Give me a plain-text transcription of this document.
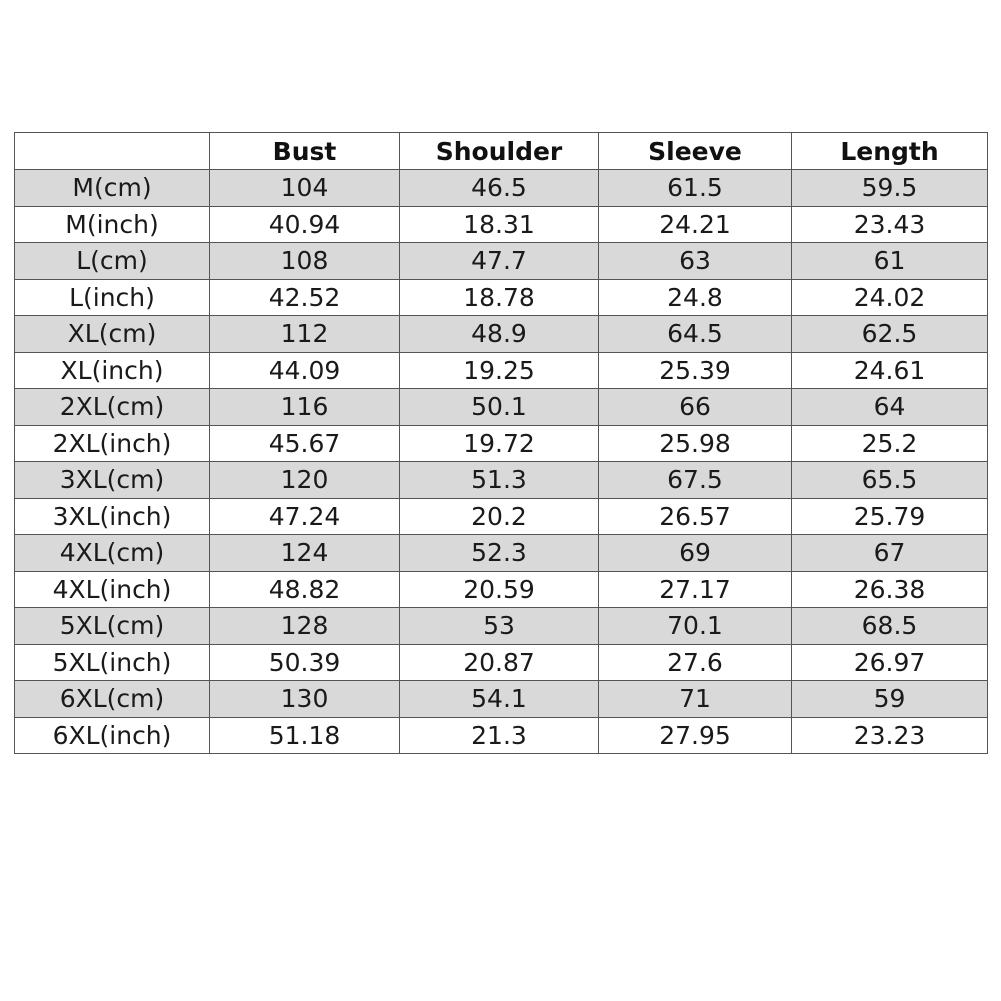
	Bust	Shoulder	Sleeve	Length
M(cm)	104	46.5	61.5	59.5
M(inch)	40.94	18.31	24.21	23.43
L(cm)	108	47.7	63	61
L(inch)	42.52	18.78	24.8	24.02
XL(cm)	112	48.9	64.5	62.5
XL(inch)	44.09	19.25	25.39	24.61
2XL(cm)	116	50.1	66	64
2XL(inch)	45.67	19.72	25.98	25.2
3XL(cm)	120	51.3	67.5	65.5
3XL(inch)	47.24	20.2	26.57	25.79
4XL(cm)	124	52.3	69	67
4XL(inch)	48.82	20.59	27.17	26.38
5XL(cm)	128	53	70.1	68.5
5XL(inch)	50.39	20.87	27.6	26.97
6XL(cm)	130	54.1	71	59
6XL(inch)	51.18	21.3	27.95	23.23
